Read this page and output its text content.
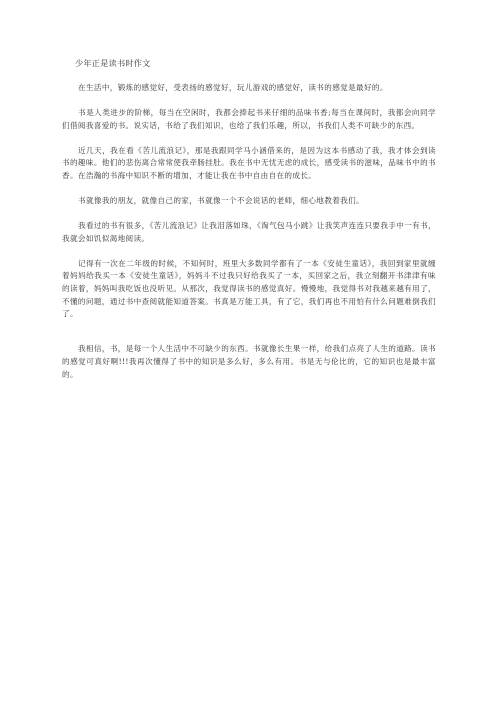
少年正是读书时作文

在生活中，锻炼的感觉好，受表扬的感觉好，玩儿游戏的感觉好，读书的感觉是最好的。

书是人类进步的阶梯，每当在空闲时，我都会捧起书来仔细的品味书香;每当在课间时，我都会向同学们借阅我喜爱的书。说实话，书给了我们知识，也给了我们乐趣，所以，书我们人类不可缺少的东西。

近几天，我在看《苦儿流浪记》，那是我跟同学马小涵借来的，是因为这本书感动了我，我才体会到读书的趣味。他们的悲伤离合常常使我牵肠挂肚。我在书中无忧无虑的成长，感受读书的滋味，品味书中的书香。在浩瀚的书海中知识不断的增加，才能让我在书中自由自在的成长。

书就像我的朋友，就像自己的家，书就像一个不会说话的老师，细心地教着我们。

我看过的书有很多，《苦儿流浪记》让我泪落如珠，《淘气包马小跳》让我笑声连连只要我手中一有书，我就会如饥似渴地阅读。

记得有一次在二年级的时候，不知何时，班里大多数同学都有了一本《安徒生童话》，我回到家里就缠着妈妈给我买一本《安徒生童话》，妈妈斗不过我只好给我买了一本，买回家之后，我立刻翻开书津津有味的读着，妈妈叫我吃饭也没听见。从那次，我觉得读书的感觉真好。慢慢地，我觉得书对我越来越有用了，不懂的问题，通过书中查阅就能知道答案。书真是万能工具，有了它，我们再也不用怕有什么问题难倒我们了。

我相信，书，是每一个人生活中不可缺少的东西。书就像长生果一样，给我们点亮了人生的道路。读书的感觉可真好啊!!!我再次懂得了书中的知识是多么好，多么有用。书是无与伦比的，它的知识也是最丰富的。
